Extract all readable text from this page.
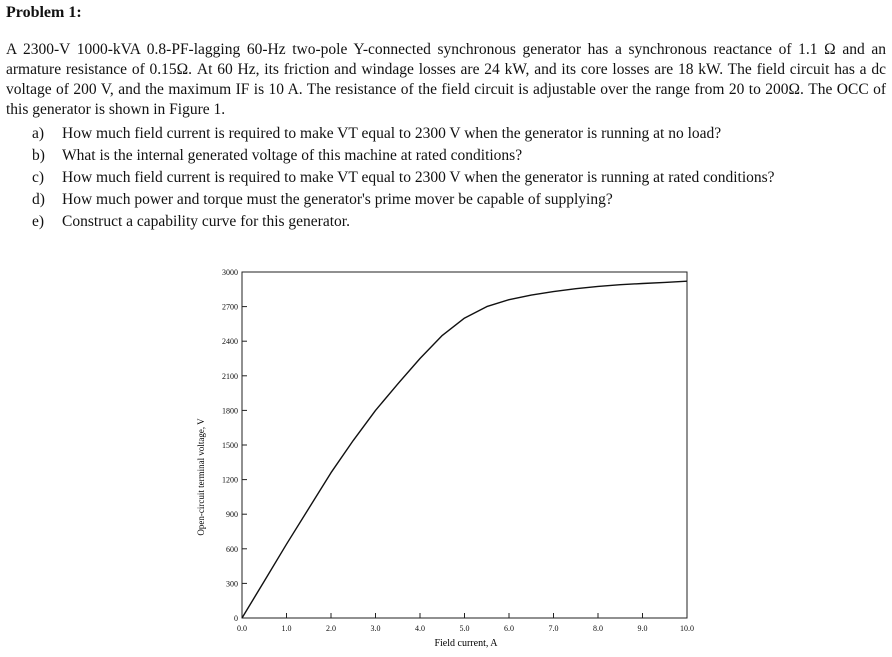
Problem 1:
A 2300-V 1000-kVA 0.8-PF-lagging 60-Hz two-pole Y-connected synchronous generator has a synchronous reactance of 1.1 Ω and an armature resistance of 0.15Ω. At 60 Hz, its friction and windage losses are 24 kW, and its core losses are 18 kW. The field circuit has a dc voltage of 200 V, and the maximum IF is 10 A. The resistance of the field circuit is adjustable over the range from 20 to 200Ω. The OCC of this generator is shown in Figure 1.
a)	How much field current is required to make VT equal to 2300 V when the generator is running at no load?
b)	What is the internal generated voltage of this machine at rated conditions?
c)	How much field current is required to make VT equal to 2300 V when the generator is running at rated conditions?
d)	How much power and torque must the generator's prime mover be capable of supplying?
e)	Construct a capability curve for this generator.
0
300
600
900
1200
1500
1800
2100
2400
2700
3000
0.0	1.0	2.0	3.0	4.0	5.0	6.0	7.0	8.0	9.0	10.0
Open-circuit terminal voltage, V
Field current, A
